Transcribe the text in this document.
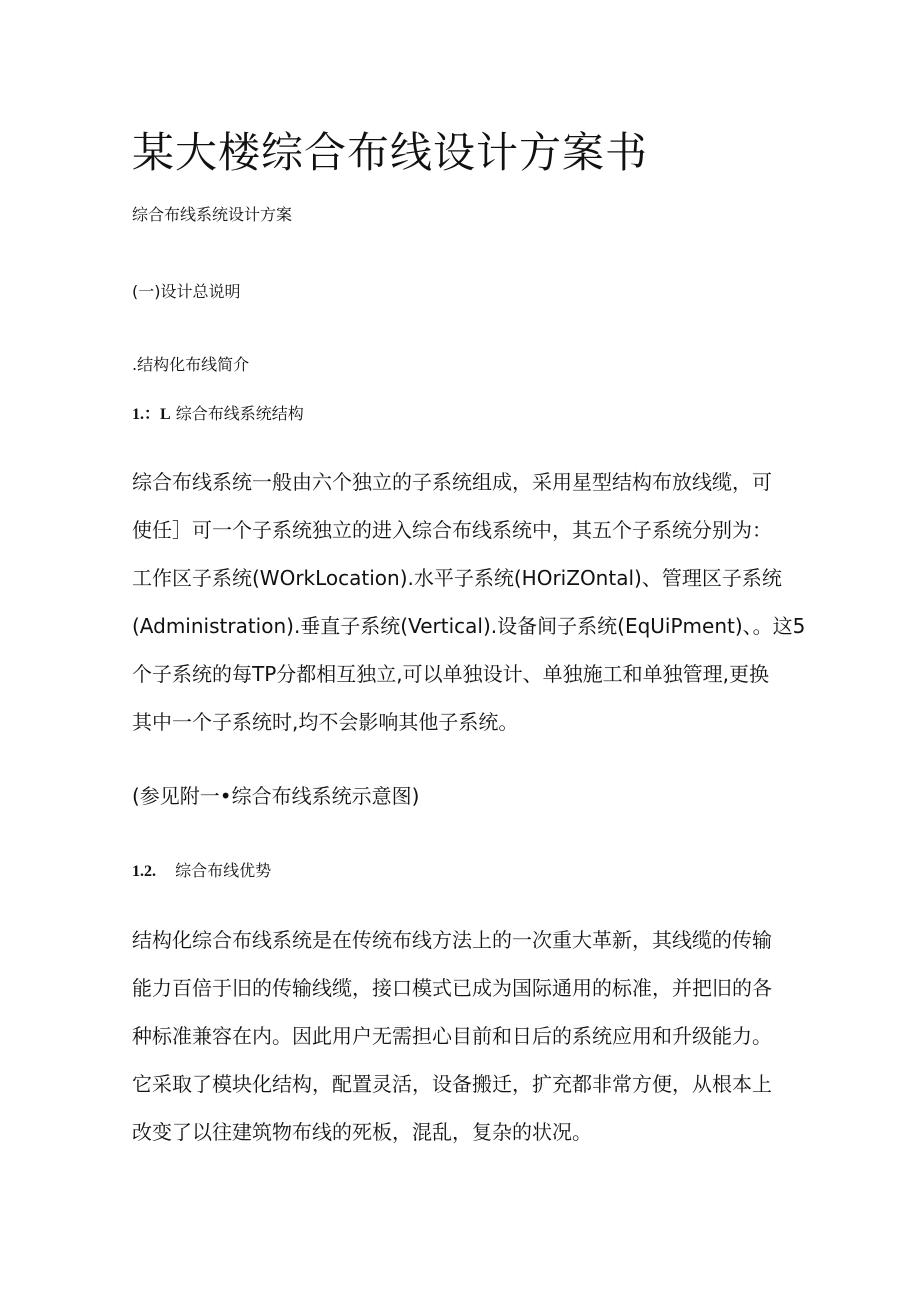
某大楼综合布线设计方案书

综合布线系统设计方案

(一)设计总说明

.结构化布线简介

1.：L 综合布线系统结构

综合布线系统一般由六个独立的子系统组成，采用星型结构布放线缆，可
使任］可一个子系统独立的进入综合布线系统中，其五个子系统分别为：
工作区子系统(WOrkLocation).水平子系统(HOriZOntal)、管理区子系统
(Administration).垂直子系统(Vertical).设备间子系统(EqUiPment)、。这5
个子系统的每TP分都相互独立,可以单独设计、单独施工和单独管理,更换
其中一个子系统时,均不会影响其他子系统。

(参见附一•综合布线系统示意图)

1.2. 综合布线优势

结构化综合布线系统是在传统布线方法上的一次重大革新，其线缆的传输
能力百倍于旧的传输线缆，接口模式已成为国际通用的标准，并把旧的各
种标准兼容在内。因此用户无需担心目前和日后的系统应用和升级能力。
它采取了模块化结构，配置灵活，设备搬迁，扩充都非常方便，从根本上
改变了以往建筑物布线的死板，混乱，复杂的状况。
